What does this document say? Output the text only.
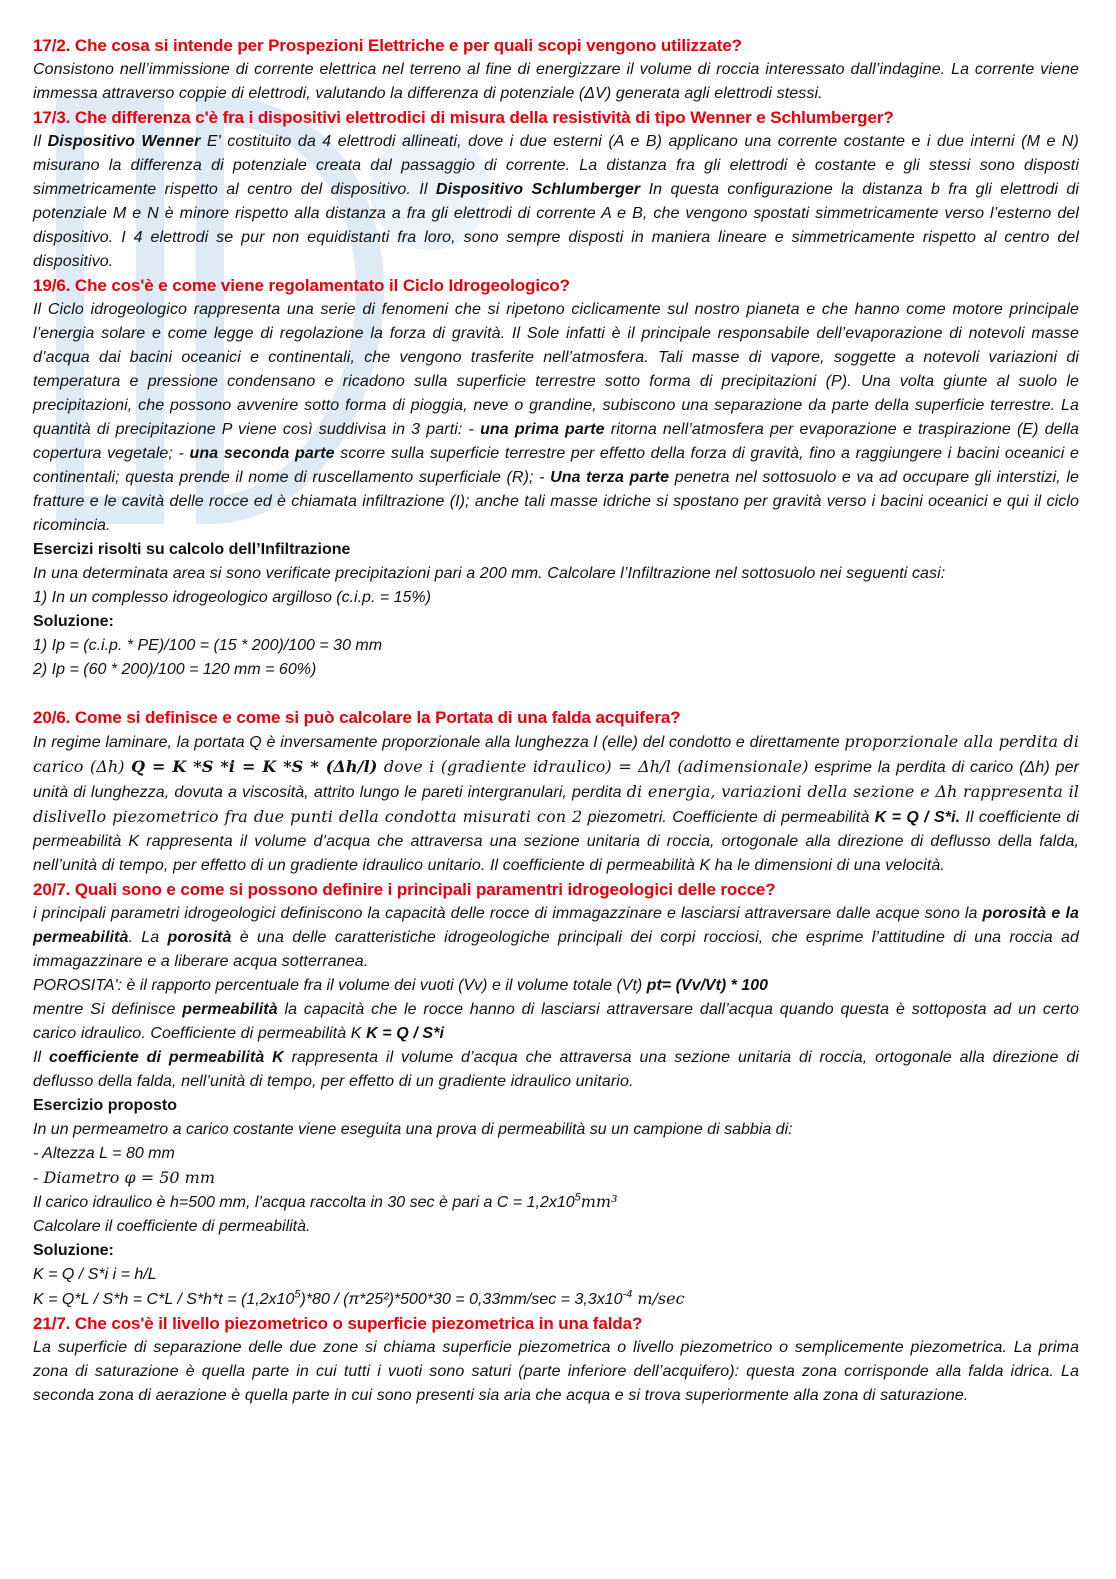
17/2. Che cosa si intende per Prospezioni Elettriche e per quali scopi vengono utilizzate?

Consistono nell’immissione di corrente elettrica nel terreno al fine di energizzare il volume di roccia interessato dall’indagine. La corrente viene immessa attraverso coppie di elettrodi, valutando la differenza di potenziale (ΔV) generata agli elettrodi stessi.

17/3. Che differenza c'è fra i dispositivi elettrodici di misura della resistività di tipo Wenner e Schlumberger?

Il Dispositivo Wenner E' costituito da 4 elettrodi allineati, dove i due esterni (A e B) applicano una corrente costante e i due interni (M e N) misurano la differenza di potenziale creata dal passaggio di corrente. La distanza fra gli elettrodi è costante e gli stessi sono disposti simmetricamente rispetto al centro del dispositivo. Il Dispositivo Schlumberger In questa configurazione la distanza b fra gli elettrodi di potenziale M e N è minore rispetto alla distanza a fra gli elettrodi di corrente A e B, che vengono spostati simmetricamente verso l’esterno del dispositivo. I 4 elettrodi se pur non equidistanti fra loro, sono sempre disposti in maniera lineare e simmetricamente rispetto al centro del dispositivo.

19/6. Che cos'è e come viene regolamentato il Ciclo Idrogeologico?

Il Ciclo idrogeologico rappresenta una serie di fenomeni che si ripetono ciclicamente sul nostro pianeta e che hanno come motore principale l’energia solare e come legge di regolazione la forza di gravità. Il Sole infatti è il principale responsabile dell’evaporazione di notevoli masse d’acqua dai bacini oceanici e continentali, che vengono trasferite nell’atmosfera. Tali masse di vapore, soggette a notevoli variazioni di temperatura e pressione condensano e ricadono sulla superficie terrestre sotto forma di precipitazioni (P). Una volta giunte al suolo le precipitazioni, che possono avvenire sotto forma di pioggia, neve o grandine, subiscono una separazione da parte della superficie terrestre. La quantità di precipitazione P viene così suddivisa in 3 parti: - una prima parte ritorna nell’atmosfera per evaporazione e traspirazione (E) della copertura vegetale; - una seconda parte scorre sulla superficie terrestre per effetto della forza di gravità, fino a raggiungere i bacini oceanici e continentali; questa prende il nome di ruscellamento superficiale (R); - Una terza parte penetra nel sottosuolo e va ad occupare gli interstizi, le fratture e le cavità delle rocce ed è chiamata infiltrazione (I); anche tali masse idriche si spostano per gravità verso i bacini oceanici e qui il ciclo ricomincia.

Esercizi risolti su calcolo dell’Infiltrazione

In una determinata area si sono verificate precipitazioni pari a 200 mm. Calcolare l’Infiltrazione nel sottosuolo nei seguenti casi:

1) In un complesso idrogeologico argilloso (c.i.p. = 15%)

Soluzione:

1) Ip = (c.i.p. * PE)/100 = (15 * 200)/100 = 30 mm

2) Ip = (60 * 200)/100 = 120 mm = 60%)

20/6. Come si definisce e come si può calcolare la Portata di una falda acquifera?

In regime laminare, la portata Q è inversamente proporzionale alla lunghezza l (elle) del condotto e direttamente proporzionale alla perdita di carico (Δh) Q = K *S *i = K *S * (Δh/l) dove i (gradiente idraulico) = Δh/l (adimensionale) esprime la perdita di carico (Δh) per unità di lunghezza, dovuta a viscosità, attrito lungo le pareti intergranulari, perdita di energia, variazioni della sezione e Δh rappresenta il dislivello piezometrico fra due punti della condotta misurati con 2 piezometri. Coefficiente di permeabilità K = Q / S*i. Il coefficiente di permeabilità K rappresenta il volume d’acqua che attraversa una sezione unitaria di roccia, ortogonale alla direzione di deflusso della falda, nell’unità di tempo, per effetto di un gradiente idraulico unitario. Il coefficiente di permeabilità K ha le dimensioni di una velocità.

20/7. Quali sono e come si possono definire i principali paramentri idrogeologici delle rocce?

i principali parametri idrogeologici definiscono la capacità delle rocce di immagazzinare e lasciarsi attraversare dalle acque sono la porosità e la permeabilità. La porosità è una delle caratteristiche idrogeologiche principali dei corpi rocciosi, che esprime l’attitudine di una roccia ad immagazzinare e a liberare acqua sotterranea.

POROSITA': è il rapporto percentuale fra il volume dei vuoti (Vv) e il volume totale (Vt) pt= (Vv/Vt) * 100

mentre Si definisce permeabilità la capacità che le rocce hanno di lasciarsi attraversare dall’acqua quando questa è sottoposta ad un certo carico idraulico. Coefficiente di permeabilità K K = Q / S*i

Il coefficiente di permeabilità K rappresenta il volume d’acqua che attraversa una sezione unitaria di roccia, ortogonale alla direzione di deflusso della falda, nell’unità di tempo, per effetto di un gradiente idraulico unitario.

Esercizio proposto

In un permeametro a carico costante viene eseguita una prova di permeabilità su un campione di sabbia di:

- Altezza L = 80 mm

- Diametro φ = 50 mm

Il carico idraulico è h=500 mm, l’acqua raccolta in 30 sec è pari a $C = 1,2x10^5mm^3$

Calcolare il coefficiente di permeabilità.

Soluzione:

K = Q / S*i i = h/L

$K = Q*L / S*h = C*L / S*h*t = (1,2x10^5)*80 / (\pi*25^2)*500*30 = 0,33mm/\sec = 3,3x10^{-4}$ m/sec

21/7. Che cos'è il livello piezometrico o superficie piezometrica in una falda?

La superficie di separazione delle due zone si chiama superficie piezometrica o livello piezometrico o semplicemente piezometrica. La prima zona di saturazione è quella parte in cui tutti i vuoti sono saturi (parte inferiore dell’acquifero): questa zona corrisponde alla falda idrica. La seconda zona di aerazione è quella parte in cui sono presenti sia aria che acqua e si trova superiormente alla zona di saturazione.
